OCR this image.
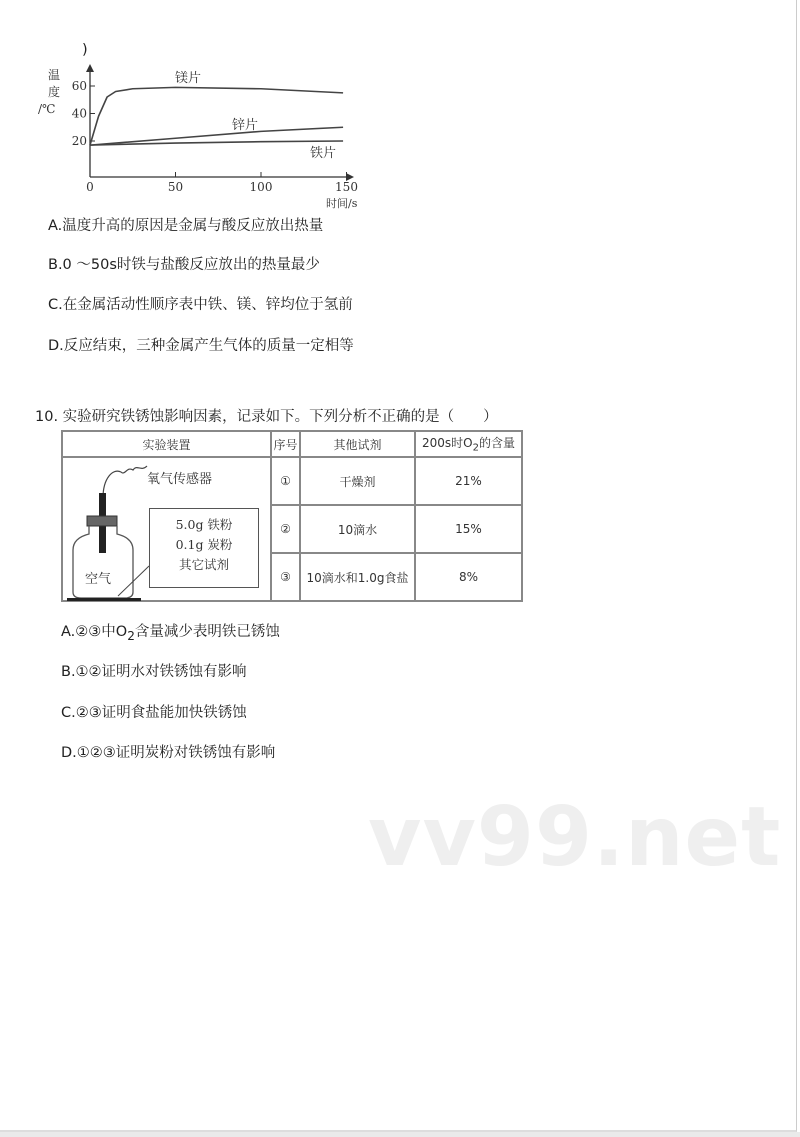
)
0	50	100	150
20
40
60
温
度
/℃
时间/s
镁片
锌片
铁片
A.温度升高的原因是金属与酸反应放出热量
B.0 ～50s时铁与盐酸反应放出的热量最少
C.在金属活动性顺序表中铁、镁、锌均位于氢前
D.反应结束，三种金属产生气体的质量一定相等
10. 实验研究铁锈蚀影响因素，记录如下。下列分析不正确的是（　　）
实验装置	序号	其他试剂	200s时$O_2$的含量

氧气传感器
空气
5.0g 铁粉
0.1g 炭粉
其它试剂	①	干燥剂	21%
	②	10滴水	15%
	③	10滴水和1.0g食盐	8%
A.②③中$O_2$含量减少表明铁已锈蚀
B.①②证明水对铁锈蚀有影响
C.②③证明食盐能加快铁锈蚀
D.①②③证明炭粉对铁锈蚀有影响
vv99.net
